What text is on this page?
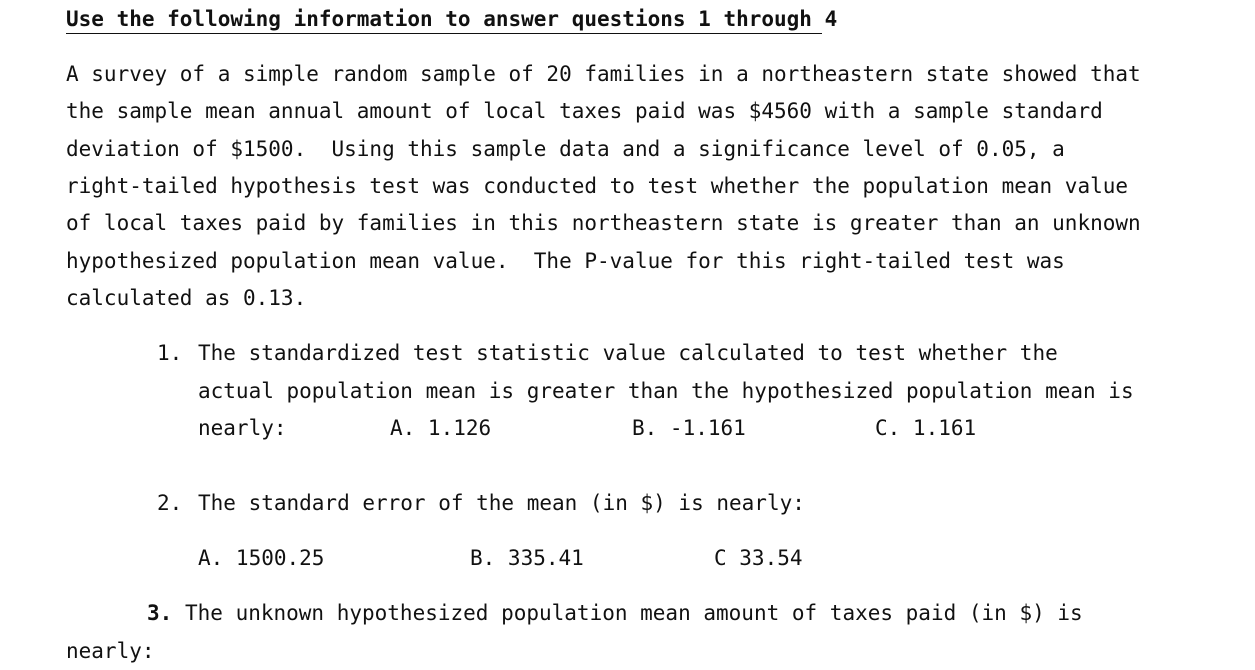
Use the following information to answer questions 1 through 4
A survey of a simple random sample of 20 families in a northeastern state showed that
the sample mean annual amount of local taxes paid was $4560 with a sample standard
deviation of $1500.  Using this sample data and a significance level of 0.05, a
right-tailed hypothesis test was conducted to test whether the population mean value
of local taxes paid by families in this northeastern state is greater than an unknown
hypothesized population mean value.  The P-value for this right-tailed test was
calculated as 0.13.
1. The standardized test statistic value calculated to test whether the
actual population mean is greater than the hypothesized population mean is
nearly:	A. 1.126	B. -1.161	C. 1.161
2. The standard error of the mean (in $) is nearly:
A. 1500.25	B. 335.41	C 33.54
3. The unknown hypothesized population mean amount of taxes paid (in $) is
nearly:
